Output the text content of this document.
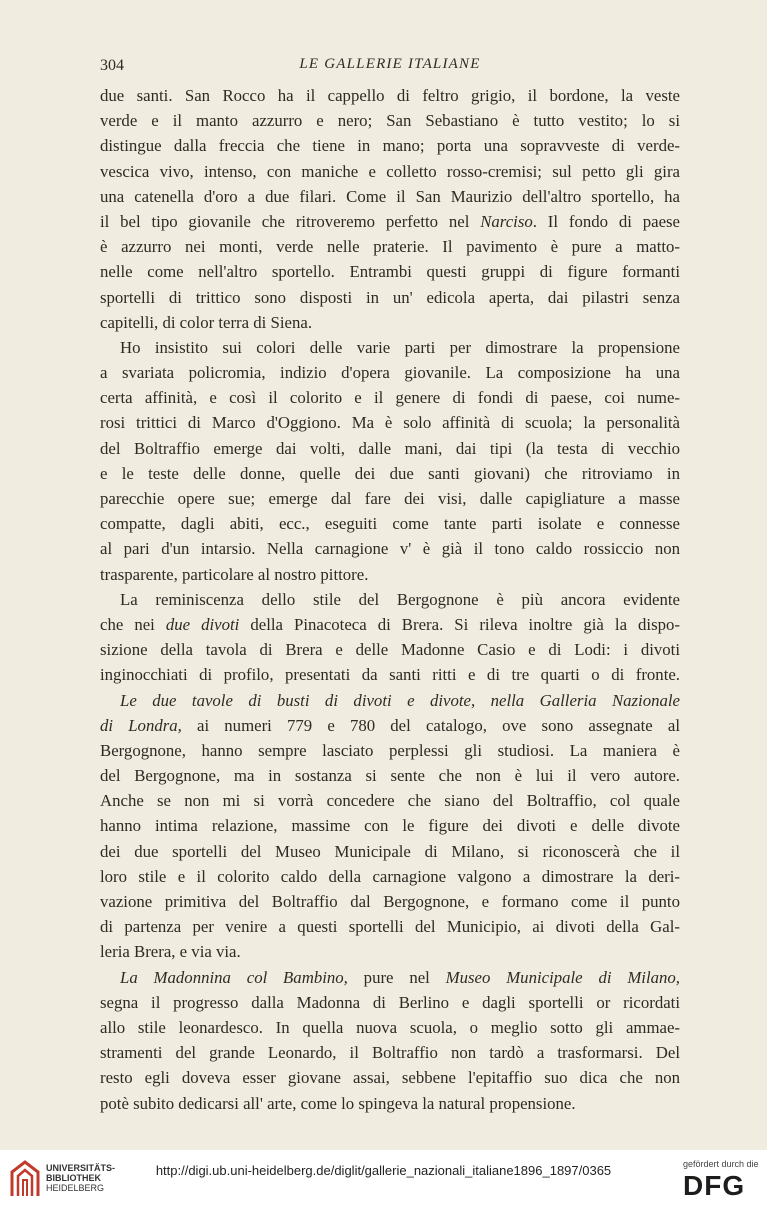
304	LE GALLERIE ITALIANE
due santi. San Rocco ha il cappello di feltro grigio, il bordone, la veste
verde e il manto azzurro e nero; San Sebastiano è tutto vestito; lo si
distingue dalla freccia che tiene in mano; porta una sopravveste di verde-
vescica vivo, intenso, con maniche e colletto rosso-cremisi; sul petto gli gira
una catenella d'oro a due filari. Come il San Maurizio dell'altro sportello, ha
il bel tipo giovanile che ritroveremo perfetto nel Narciso. Il fondo di paese
è azzurro nei monti, verde nelle praterie. Il pavimento è pure a matto-
nelle come nell'altro sportello. Entrambi questi gruppi di figure formanti
sportelli di trittico sono disposti in un' edicola aperta, dai pilastri senza
capitelli, di color terra di Siena.
Ho insistito sui colori delle varie parti per dimostrare la propensione
a svariata policromia, indizio d'opera giovanile. La composizione ha una
certa affinità, e così il colorito e il genere di fondi di paese, coi nume-
rosi trittici di Marco d'Oggiono. Ma è solo affinità di scuola; la personalità
del Boltraffio emerge dai volti, dalle mani, dai tipi (la testa di vecchio
e le teste delle donne, quelle dei due santi giovani) che ritroviamo in
parecchie opere sue; emerge dal fare dei visi, dalle capigliature a masse
compatte, dagli abiti, ecc., eseguiti come tante parti isolate e connesse
al pari d'un intarsio. Nella carnagione v' è già il tono caldo rossiccio non
trasparente, particolare al nostro pittore.
La reminiscenza dello stile del Bergognone è più ancora evidente
che nei due divoti della Pinacoteca di Brera. Si rileva inoltre già la dispo-
sizione della tavola di Brera e delle Madonne Casio e di Lodi: i divoti
inginocchiati di profilo, presentati da santi ritti e di tre quarti o di fronte.
Le due tavole di busti di divoti e divote, nella Galleria Nazionale
di Londra, ai numeri 779 e 780 del catalogo, ove sono assegnate al
Bergognone, hanno sempre lasciato perplessi gli studiosi. La maniera è
del Bergognone, ma in sostanza si sente che non è lui il vero autore.
Anche se non mi si vorrà concedere che siano del Boltraffio, col quale
hanno intima relazione, massime con le figure dei divoti e delle divote
dei due sportelli del Museo Municipale di Milano, si riconoscerà che il
loro stile e il colorito caldo della carnagione valgono a dimostrare la deri-
vazione primitiva del Boltraffio dal Bergognone, e formano come il punto
di partenza per venire a questi sportelli del Municipio, ai divoti della Gal-
leria Brera, e via via.
La Madonnina col Bambino, pure nel Museo Municipale di Milano,
segna il progresso dalla Madonna di Berlino e dagli sportelli or ricordati
allo stile leonardesco. In quella nuova scuola, o meglio sotto gli ammae-
stramenti del grande Leonardo, il Boltraffio non tardò a trasformarsi. Del
resto egli doveva esser giovane assai, sebbene l'epitaffio suo dica che non
potè subito dedicarsi all' arte, come lo spingeva la natural propensione.
UNIVERSITÄTS-
BIBLIOTHEK
HEIDELBERG
http://digi.ub.uni-heidelberg.de/diglit/gallerie_nazionali_italiane1896_1897/0365	gefördert durch die
DFG
